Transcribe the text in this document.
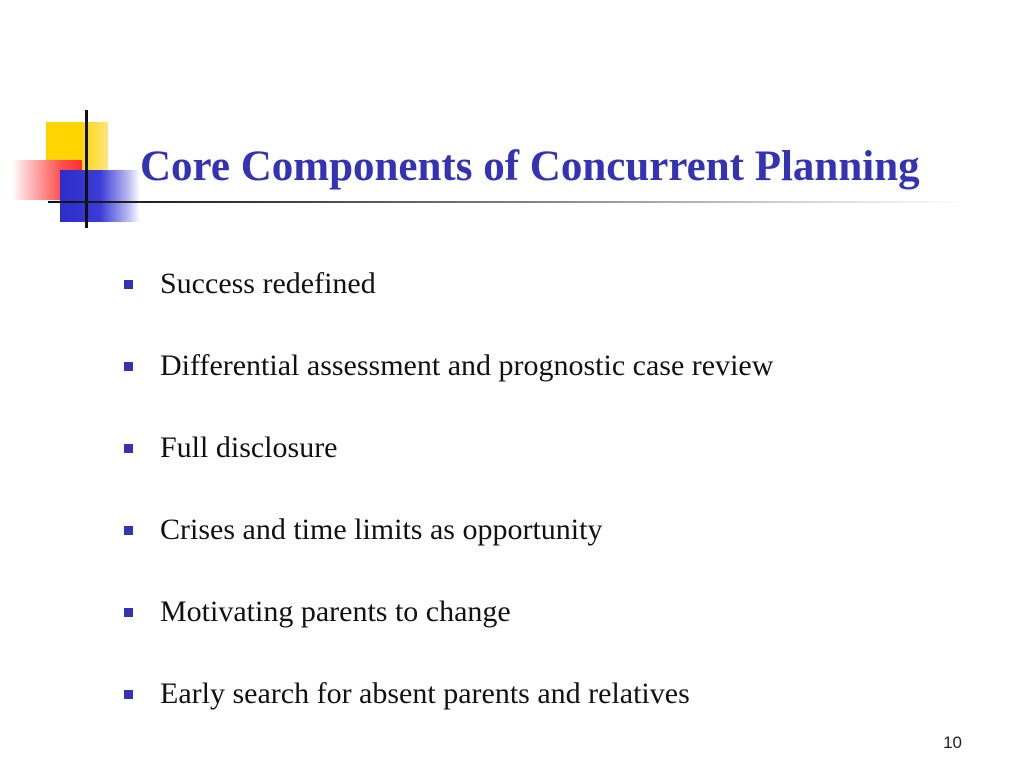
Core Components of Concurrent Planning
Success redefined
Differential assessment and prognostic case review
Full disclosure
Crises and time limits as opportunity
Motivating parents to change
Early search for absent parents and relatives
10
